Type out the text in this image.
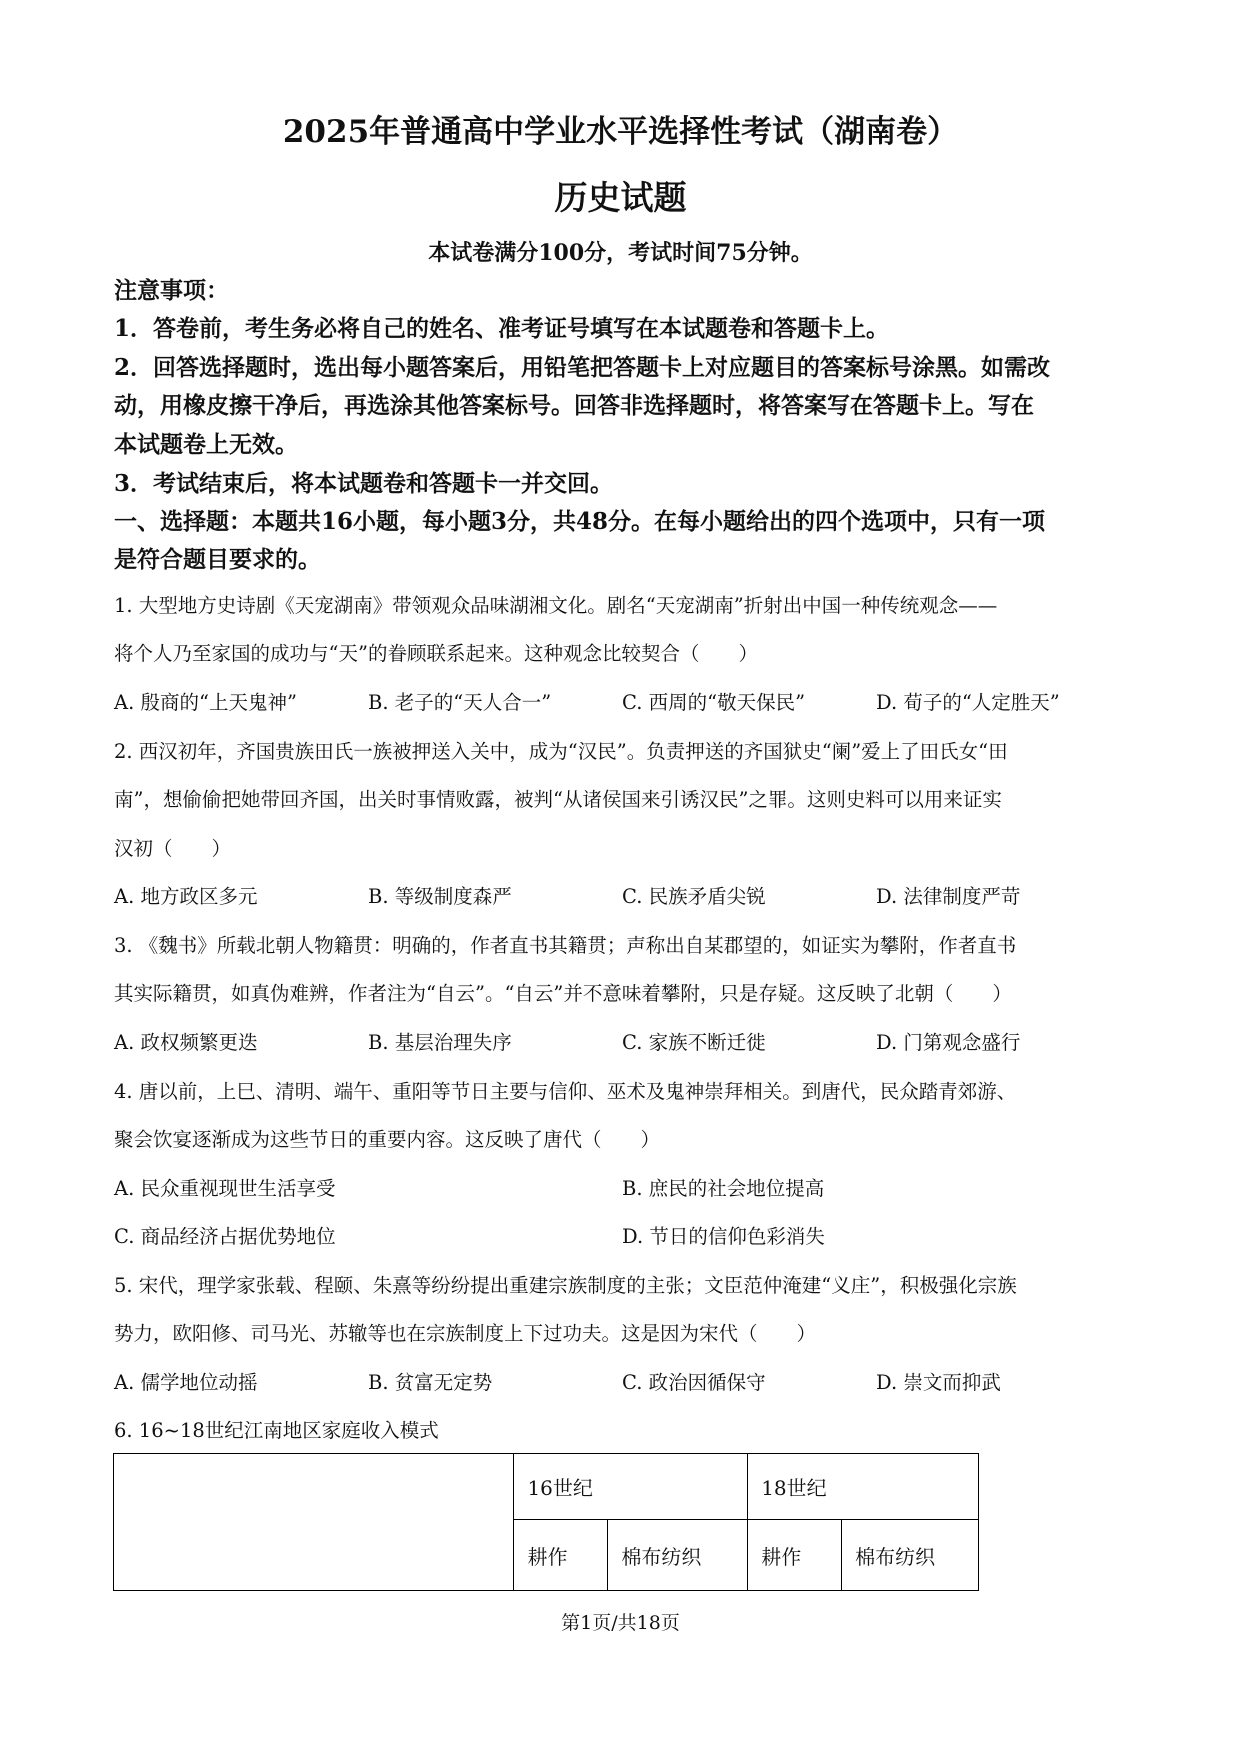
2025年普通高中学业水平选择性考试（湖南卷）
历史试题
本试卷满分100分，考试时间75分钟。
注意事项：
1．答卷前，考生务必将自己的姓名、准考证号填写在本试题卷和答题卡上。
2．回答选择题时，选出每小题答案后，用铅笔把答题卡上对应题目的答案标号涂黑。如需改
动，用橡皮擦干净后，再选涂其他答案标号。回答非选择题时，将答案写在答题卡上。写在
本试题卷上无效。
3．考试结束后，将本试题卷和答题卡一并交回。
一、选择题：本题共16小题，每小题3分，共48分。在每小题给出的四个选项中，只有一项
是符合题目要求的。
1. 大型地方史诗剧《天宠湖南》带领观众品味湖湘文化。剧名“天宠湖南”折射出中国一种传统观念——
将个人乃至家国的成功与“天”的眷顾联系起来。这种观念比较契合（　　）
A. 殷商的“上天鬼神”	B. 老子的“天人合一”	C. 西周的“敬天保民”	D. 荀子的“人定胜天”
2. 西汉初年，齐国贵族田氏一族被押送入关中，成为“汉民”。负责押送的齐国狱史“阑”爱上了田氏女“田
南”，想偷偷把她带回齐国，出关时事情败露，被判“从诸侯国来引诱汉民”之罪。这则史料可以用来证实
汉初（　　）
A. 地方政区多元	B. 等级制度森严	C. 民族矛盾尖锐	D. 法律制度严苛
3. 《魏书》所载北朝人物籍贯：明确的，作者直书其籍贯；声称出自某郡望的，如证实为攀附，作者直书
其实际籍贯，如真伪难辨，作者注为“自云”。“自云”并不意味着攀附，只是存疑。这反映了北朝（　　）
A. 政权频繁更迭	B. 基层治理失序	C. 家族不断迁徙	D. 门第观念盛行
4. 唐以前，上巳、清明、端午、重阳等节日主要与信仰、巫术及鬼神崇拜相关。到唐代，民众踏青郊游、
聚会饮宴逐渐成为这些节日的重要内容。这反映了唐代（　　）
A. 民众重视现世生活享受	B. 庶民的社会地位提高
C. 商品经济占据优势地位	D. 节日的信仰色彩消失
5. 宋代，理学家张载、程颐、朱熹等纷纷提出重建宗族制度的主张；文臣范仲淹建“义庄”，积极强化宗族
势力，欧阳修、司马光、苏辙等也在宗族制度上下过功夫。这是因为宋代（　　）
A. 儒学地位动摇	B. 贫富无定势	C. 政治因循保守	D. 崇文而抑武
6. 16~18世纪江南地区家庭收入模式
	16世纪		18世纪	
	耕作	棉布纺织	耕作	棉布纺织
第1页/共18页
